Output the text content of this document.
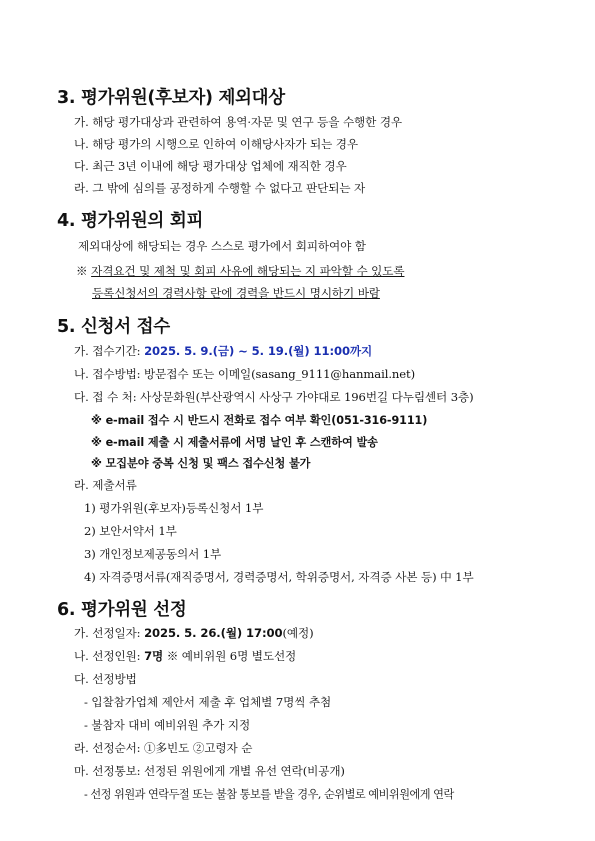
3. 평가위원(후보자) 제외대상
가. 해당 평가대상과 관련하여 용역·자문 및 연구 등을 수행한 경우
나. 해당 평가의 시행으로 인하여 이해당사자가 되는 경우
다. 최근 3년 이내에 해당 평가대상 업체에 재직한 경우
라. 그 밖에 심의를 공정하게 수행할 수 없다고 판단되는 자
4. 평가위원의 회피
제외대상에 해당되는 경우 스스로 평가에서 회피하여야 함
※ 자격요건 및 제척 및 회피 사유에 해당되는 지 파악할 수 있도록
등록신청서의 경력사항 란에 경력을 반드시 명시하기 바람
5. 신청서 접수
가. 접수기간: 2025. 5. 9.(금) ~ 5. 19.(월) 11:00까지
나. 접수방법: 방문접수 또는 이메일(sasang_9111@hanmail.net)
다. 접 수 처: 사상문화원(부산광역시 사상구 가야대로 196번길 다누림센터 3층)
※ e-mail 접수 시 반드시 전화로 접수 여부 확인(051-316-9111)
※ e-mail 제출 시 제출서류에 서명 날인 후 스캔하여 발송
※ 모집분야 중복 신청 및 팩스 접수신청 불가
라. 제출서류
1) 평가위원(후보자)등록신청서 1부
2) 보안서약서 1부
3) 개인정보제공동의서 1부
4) 자격증명서류(재직증명서, 경력증명서, 학위증명서, 자격증 사본 등) 中 1부
6. 평가위원 선정
가. 선정일자: 2025. 5. 26.(월) 17:00(예정)
나. 선정인원: 7명 ※ 예비위원 6명 별도선정
다. 선정방법
- 입찰참가업체 제안서 제출 후 업체별 7명씩 추첨
- 불참자 대비 예비위원 추가 지정
라. 선정순서: ①多빈도 ②고령자 순
마. 선정통보: 선정된 위원에게 개별 유선 연락(비공개)
- 선정 위원과 연락두절 또는 불참 통보를 받을 경우, 순위별로 예비위원에게 연락
